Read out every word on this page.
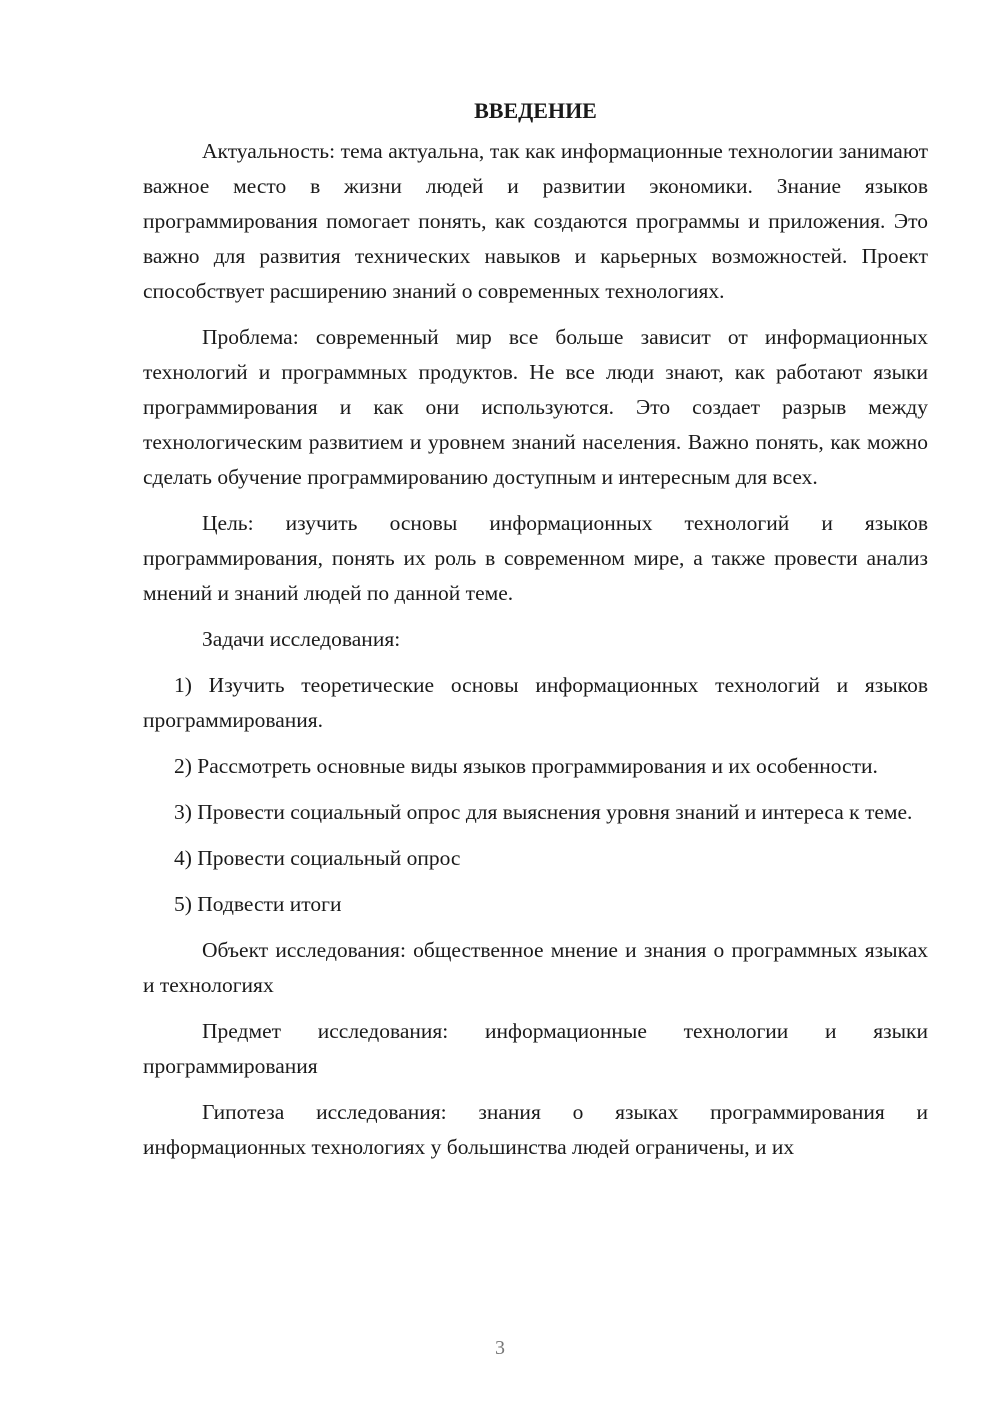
ВВЕДЕНИЕ

Актуальность: тема актуальна, так как информационные технологии занимают важное место в жизни людей и развитии экономики. Знание языков программирования помогает понять, как создаются программы и приложения. Это важно для развития технических навыков и карьерных возможностей. Проект способствует расширению знаний о современных технологиях.

Проблема: современный мир все больше зависит от информационных технологий и программных продуктов. Не все люди знают, как работают языки программирования и как они используются. Это создает разрыв между технологическим развитием и уровнем знаний населения. Важно понять, как можно сделать обучение программированию доступным и интересным для всех.

Цель: изучить основы информационных технологий и языков программирования, понять их роль в современном мире, а также провести анализ мнений и знаний людей по данной теме.

Задачи исследования:

1) Изучить теоретические основы информационных технологий и языков программирования.

2) Рассмотреть основные виды языков программирования и их особенности.

3) Провести социальный опрос для выяснения уровня знаний и интереса к теме.

4) Провести социальный опрос

5) Подвести итоги

Объект исследования: общественное мнение и знания о программных языках и технологиях

Предмет исследования: информационные технологии и языки программирования

Гипотеза исследования: знания о языках программирования и информационных технологиях у большинства людей ограничены, и их

3
